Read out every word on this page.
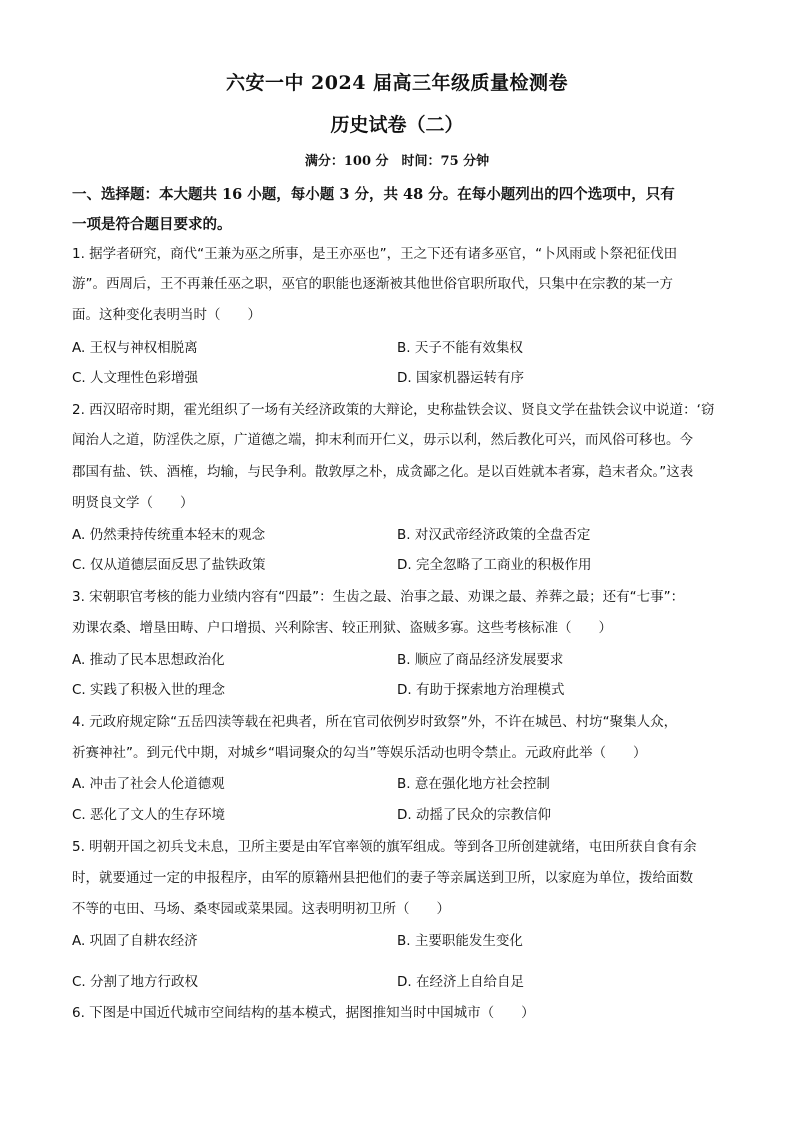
六安一中 2024 届高三年级质量检测卷
历史试卷（二）
满分：100 分　时间：75 分钟
一、选择题：本大题共 16 小题，每小题 3 分，共 48 分。在每小题列出的四个选项中，只有
一项是符合题目要求的。
1. 据学者研究，商代“王兼为巫之所事，是王亦巫也”，王之下还有诸多巫官，“卜风雨或卜祭祀征伐田
游”。西周后，王不再兼任巫之职，巫官的职能也逐渐被其他世俗官职所取代，只集中在宗教的某一方
面。这种变化表明当时（　　）
A. 王权与神权相脱离	B. 天子不能有效集权
C. 人文理性色彩增强	D. 国家机器运转有序
2. 西汉昭帝时期，霍光组织了一场有关经济政策的大辩论，史称盐铁会议、贤良文学在盐铁会议中说道：‘窃
闻治人之道，防淫佚之原，广道德之端，抑末利而开仁义，毋示以利，然后教化可兴，而风俗可移也。今
郡国有盐、铁、酒榷，均输，与民争利。散敦厚之朴，成贪鄙之化。是以百姓就本者寡，趋末者众。”这表
明贤良文学（　　）
A. 仍然秉持传统重本轻末的观念	B. 对汉武帝经济政策的全盘否定
C. 仅从道德层面反思了盐铁政策	D. 完全忽略了工商业的积极作用
3. 宋朝职官考核的能力业绩内容有“四最”：生齿之最、治事之最、劝课之最、养葬之最；还有“七事”：
劝课农桑、增垦田畴、户口增损、兴利除害、较正刑狱、盗贼多寡。这些考核标准（　　）
A. 推动了民本思想政治化	B. 顺应了商品经济发展要求
C. 实践了积极入世的理念	D. 有助于探索地方治理模式
4. 元政府规定除“五岳四渎等载在祀典者，所在官司依例岁时致祭”外，不许在城邑、村坊“聚集人众，
祈赛神社”。到元代中期，对城乡“唱词聚众的勾当”等娱乐活动也明令禁止。元政府此举（　　）
A. 冲击了社会人伦道德观	B. 意在强化地方社会控制
C. 恶化了文人的生存环境	D. 动摇了民众的宗教信仰
5. 明朝开国之初兵戈未息，卫所主要是由军官率领的旗军组成。等到各卫所创建就绪，屯田所获自食有余
时，就要通过一定的申报程序，由军的原籍州县把他们的妻子等亲属送到卫所，以家庭为单位，拨给面数
不等的屯田、马场、桑枣园或菜果园。这表明明初卫所（　　）
A. 巩固了自耕农经济	B. 主要职能发生变化
C. 分割了地方行政权	D. 在经济上自给自足
6. 下图是中国近代城市空间结构的基本模式，据图推知当时中国城市（　　）
